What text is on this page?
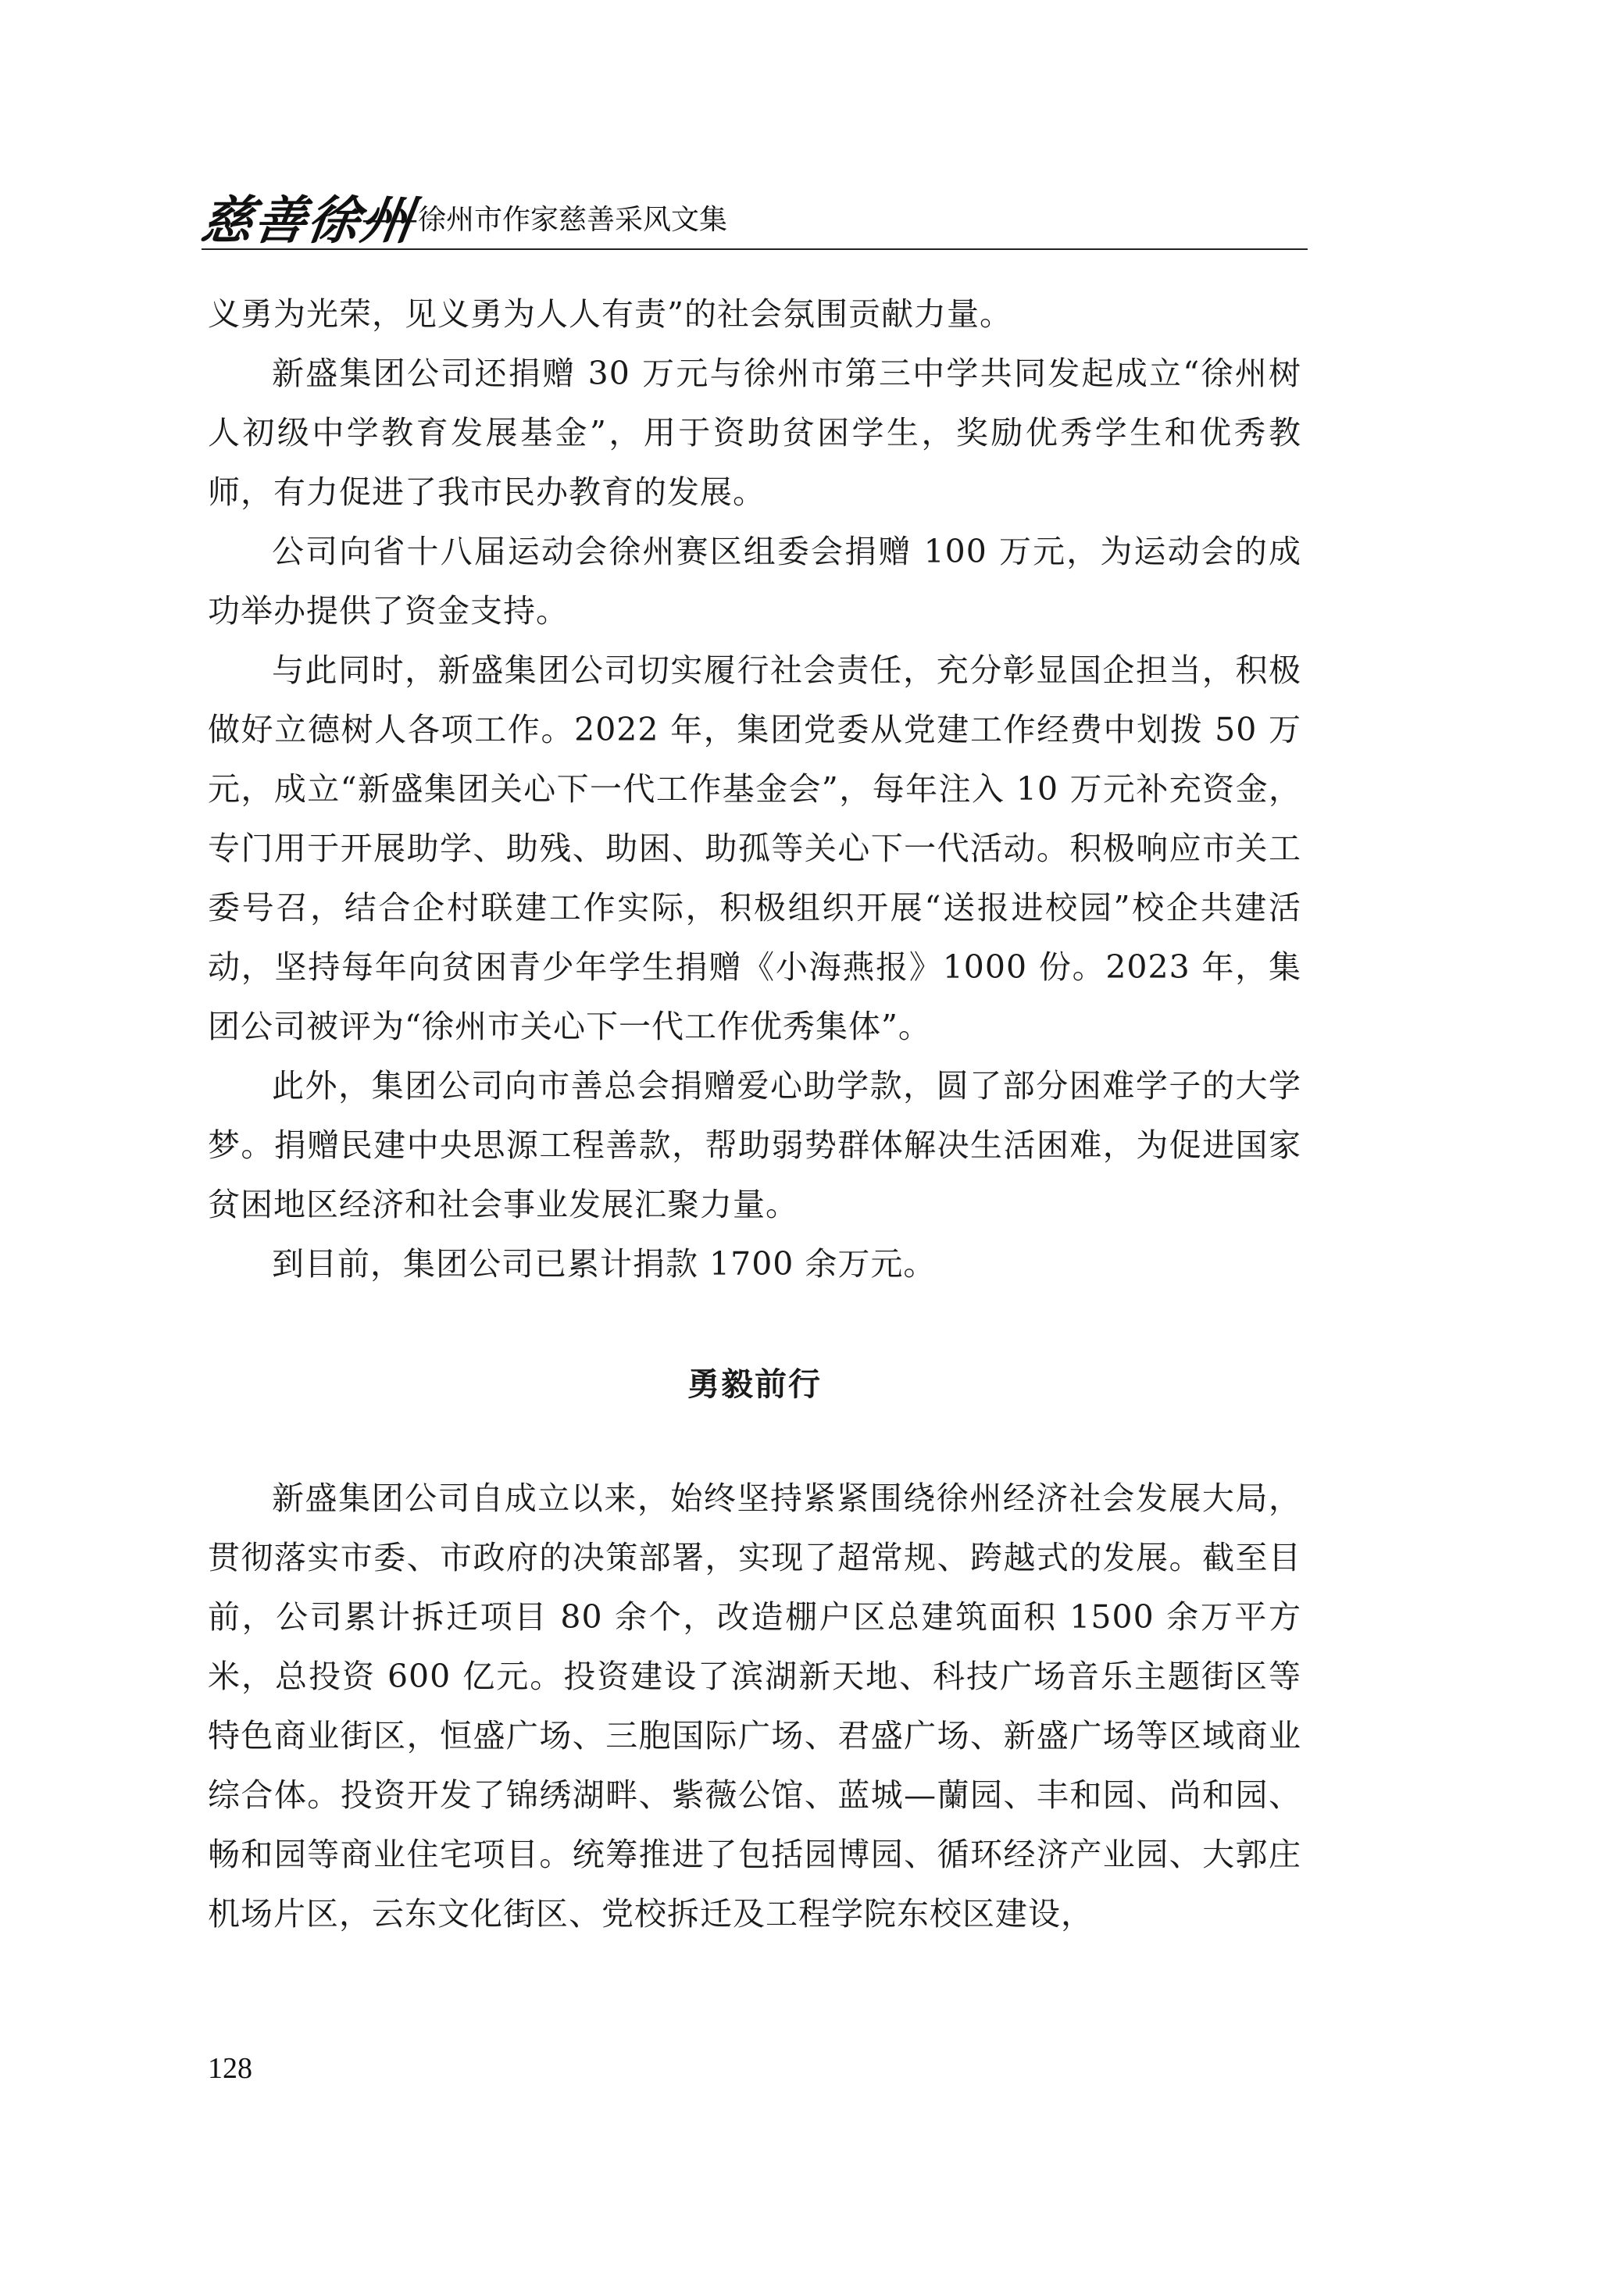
慈善徐州
——徐州市作家慈善采风文集

义勇为光荣，见义勇为人人有责”的社会氛围贡献力量。

新盛集团公司还捐赠 30 万元与徐州市第三中学共同发起成立“徐州树人初级中学教育发展基金”，用于资助贫困学生，奖励优秀学生和优秀教师，有力促进了我市民办教育的发展。

公司向省十八届运动会徐州赛区组委会捐赠 100 万元，为运动会的成功举办提供了资金支持。

与此同时，新盛集团公司切实履行社会责任，充分彰显国企担当，积极做好立德树人各项工作。2022 年，集团党委从党建工作经费中划拨 50 万元，成立“新盛集团关心下一代工作基金会”，每年注入 10 万元补充资金，专门用于开展助学、助残、助困、助孤等关心下一代活动。积极响应市关工委号召，结合企村联建工作实际，积极组织开展“送报进校园”校企共建活动，坚持每年向贫困青少年学生捐赠《小海燕报》1000 份。2023 年，集团公司被评为“徐州市关心下一代工作优秀集体”。

此外，集团公司向市善总会捐赠爱心助学款，圆了部分困难学子的大学梦。捐赠民建中央思源工程善款，帮助弱势群体解决生活困难，为促进国家贫困地区经济和社会事业发展汇聚力量。

到目前，集团公司已累计捐款 1700 余万元。

勇毅前行

新盛集团公司自成立以来，始终坚持紧紧围绕徐州经济社会发展大局，贯彻落实市委、市政府的决策部署，实现了超常规、跨越式的发展。截至目前，公司累计拆迁项目 80 余个，改造棚户区总建筑面积 1500 余万平方米，总投资 600 亿元。投资建设了滨湖新天地、科技广场音乐主题街区等特色商业街区，恒盛广场、三胞国际广场、君盛广场、新盛广场等区域商业综合体。投资开发了锦绣湖畔、紫薇公馆、蓝城—蘭园、丰和园、尚和园、畅和园等商业住宅项目。统筹推进了包括园博园、循环经济产业园、大郭庄机场片区，云东文化街区、党校拆迁及工程学院东校区建设，

128
